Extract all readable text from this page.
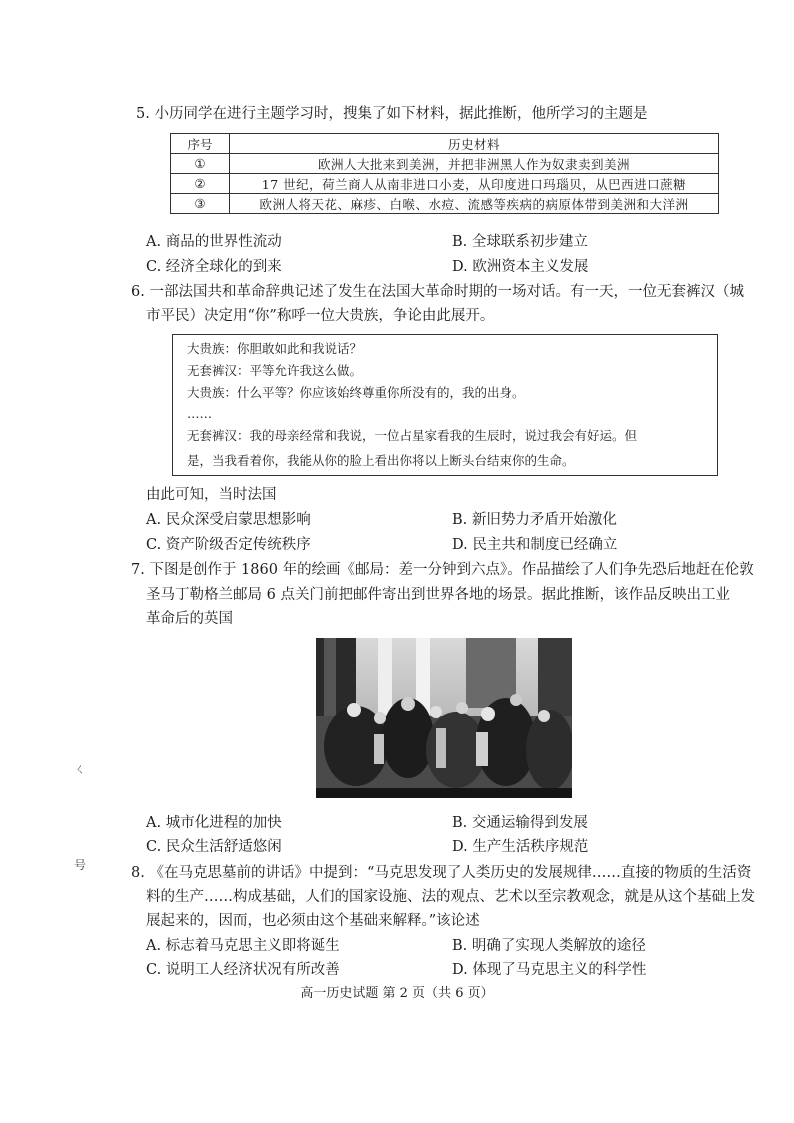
5. 小历同学在进行主题学习时，搜集了如下材料，据此推断，他所学习的主题是
序号	历史材料
①	欧洲人大批来到美洲，并把非洲黑人作为奴隶卖到美洲
②	17 世纪，荷兰商人从南非进口小麦，从印度进口玛瑙贝，从巴西进口蔗糖
③	欧洲人将天花、麻疹、白喉、水痘、流感等疾病的病原体带到美洲和大洋洲
A. 商品的世界性流动	B. 全球联系初步建立
C. 经济全球化的到来	D. 欧洲资本主义发展
6. 一部法国共和革命辞典记述了发生在法国大革命时期的一场对话。有一天，一位无套裤汉（城
市平民）决定用“你”称呼一位大贵族，争论由此展开。
大贵族：你胆敢如此和我说话？
无套裤汉：平等允许我这么做。
大贵族：什么平等？你应该始终尊重你所没有的，我的出身。
……
无套裤汉：我的母亲经常和我说，一位占星家看我的生辰时，说过我会有好运。但
是，当我看着你，我能从你的脸上看出你将以上断头台结束你的生命。
由此可知，当时法国
A. 民众深受启蒙思想影响	B. 新旧势力矛盾开始激化
C. 资产阶级否定传统秩序	D. 民主共和制度已经确立
7. 下图是创作于 1860 年的绘画《邮局：差一分钟到六点》。作品描绘了人们争先恐后地赶在伦敦
圣马丁勒格兰邮局 6 点关门前把邮件寄出到世界各地的场景。据此推断，该作品反映出工业
革命后的英国
A. 城市化进程的加快	B. 交通运输得到发展
C. 民众生活舒适悠闲	D. 生产生活秩序规范
8. 《在马克思墓前的讲话》中提到：“马克思发现了人类历史的发展规律……直接的物质的生活资
料的生产……构成基础，人们的国家设施、法的观点、艺术以至宗教观念，就是从这个基础上发
展起来的，因而，也必须由这个基础来解释。”该论述
A. 标志着马克思主义即将诞生	B. 明确了实现人类解放的途径
C. 说明工人经济状况有所改善	D. 体现了马克思主义的科学性
高一历史试题 第 2 页（共 6 页）
ㄑ
号
